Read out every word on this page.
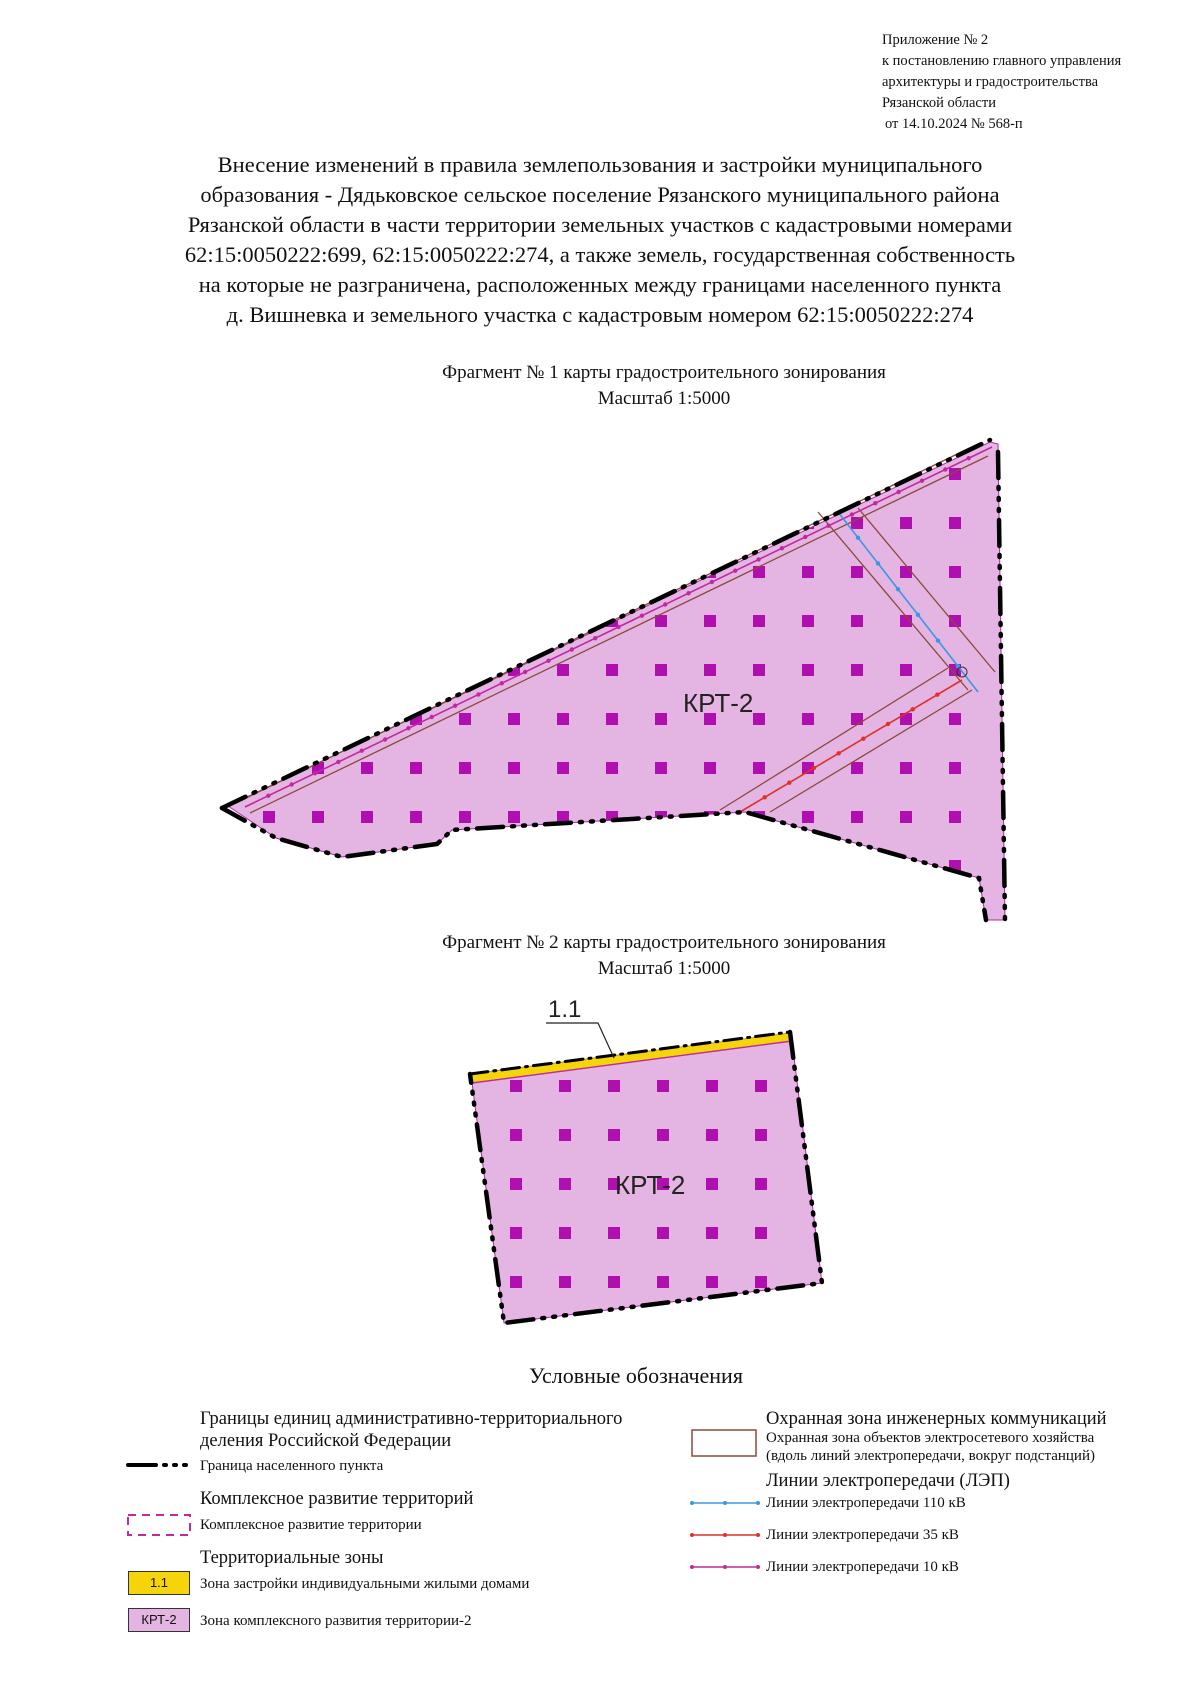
Приложение № 2
к постановлению главного управления
архитектуры и градостроительства
Рязанской области
от 14.10.2024 № 568-п
Внесение изменений в правила землепользования и застройки муниципального
образования - Дядьковское сельское поселение Рязанского муниципального района
Рязанской области в части территории земельных участков с кадастровыми номерами
62:15:0050222:699, 62:15:0050222:274, а также земель, государственная собственность
на которые не разграничена, расположенных между границами населенного пункта
д. Вишневка и земельного участка с кадастровым номером 62:15:0050222:274
Фрагмент № 1 карты градостроительного зонирования
Масштаб 1:5000
КРТ-2
Фрагмент № 2 карты градостроительного зонирования
Масштаб 1:5000
1.1
КРТ-2
Условные обозначения
Границы единиц административно-территориального
деления Российской Федерации
Граница населенного пункта
Комплексное развитие территорий
Комплексное развитие территории
Территориальные зоны
1.1	Зона застройки индивидуальными жилыми домами
КРТ-2	Зона комплексного развития территории-2
Охранная зона инженерных коммуникаций
Охранная зона объектов электросетевого хозяйства
(вдоль линий электропередачи, вокруг подстанций)
Линии электропередачи (ЛЭП)
Линии электропередачи 110 кВ
Линии электропередачи 35 кВ
Линии электропередачи 10 кВ
